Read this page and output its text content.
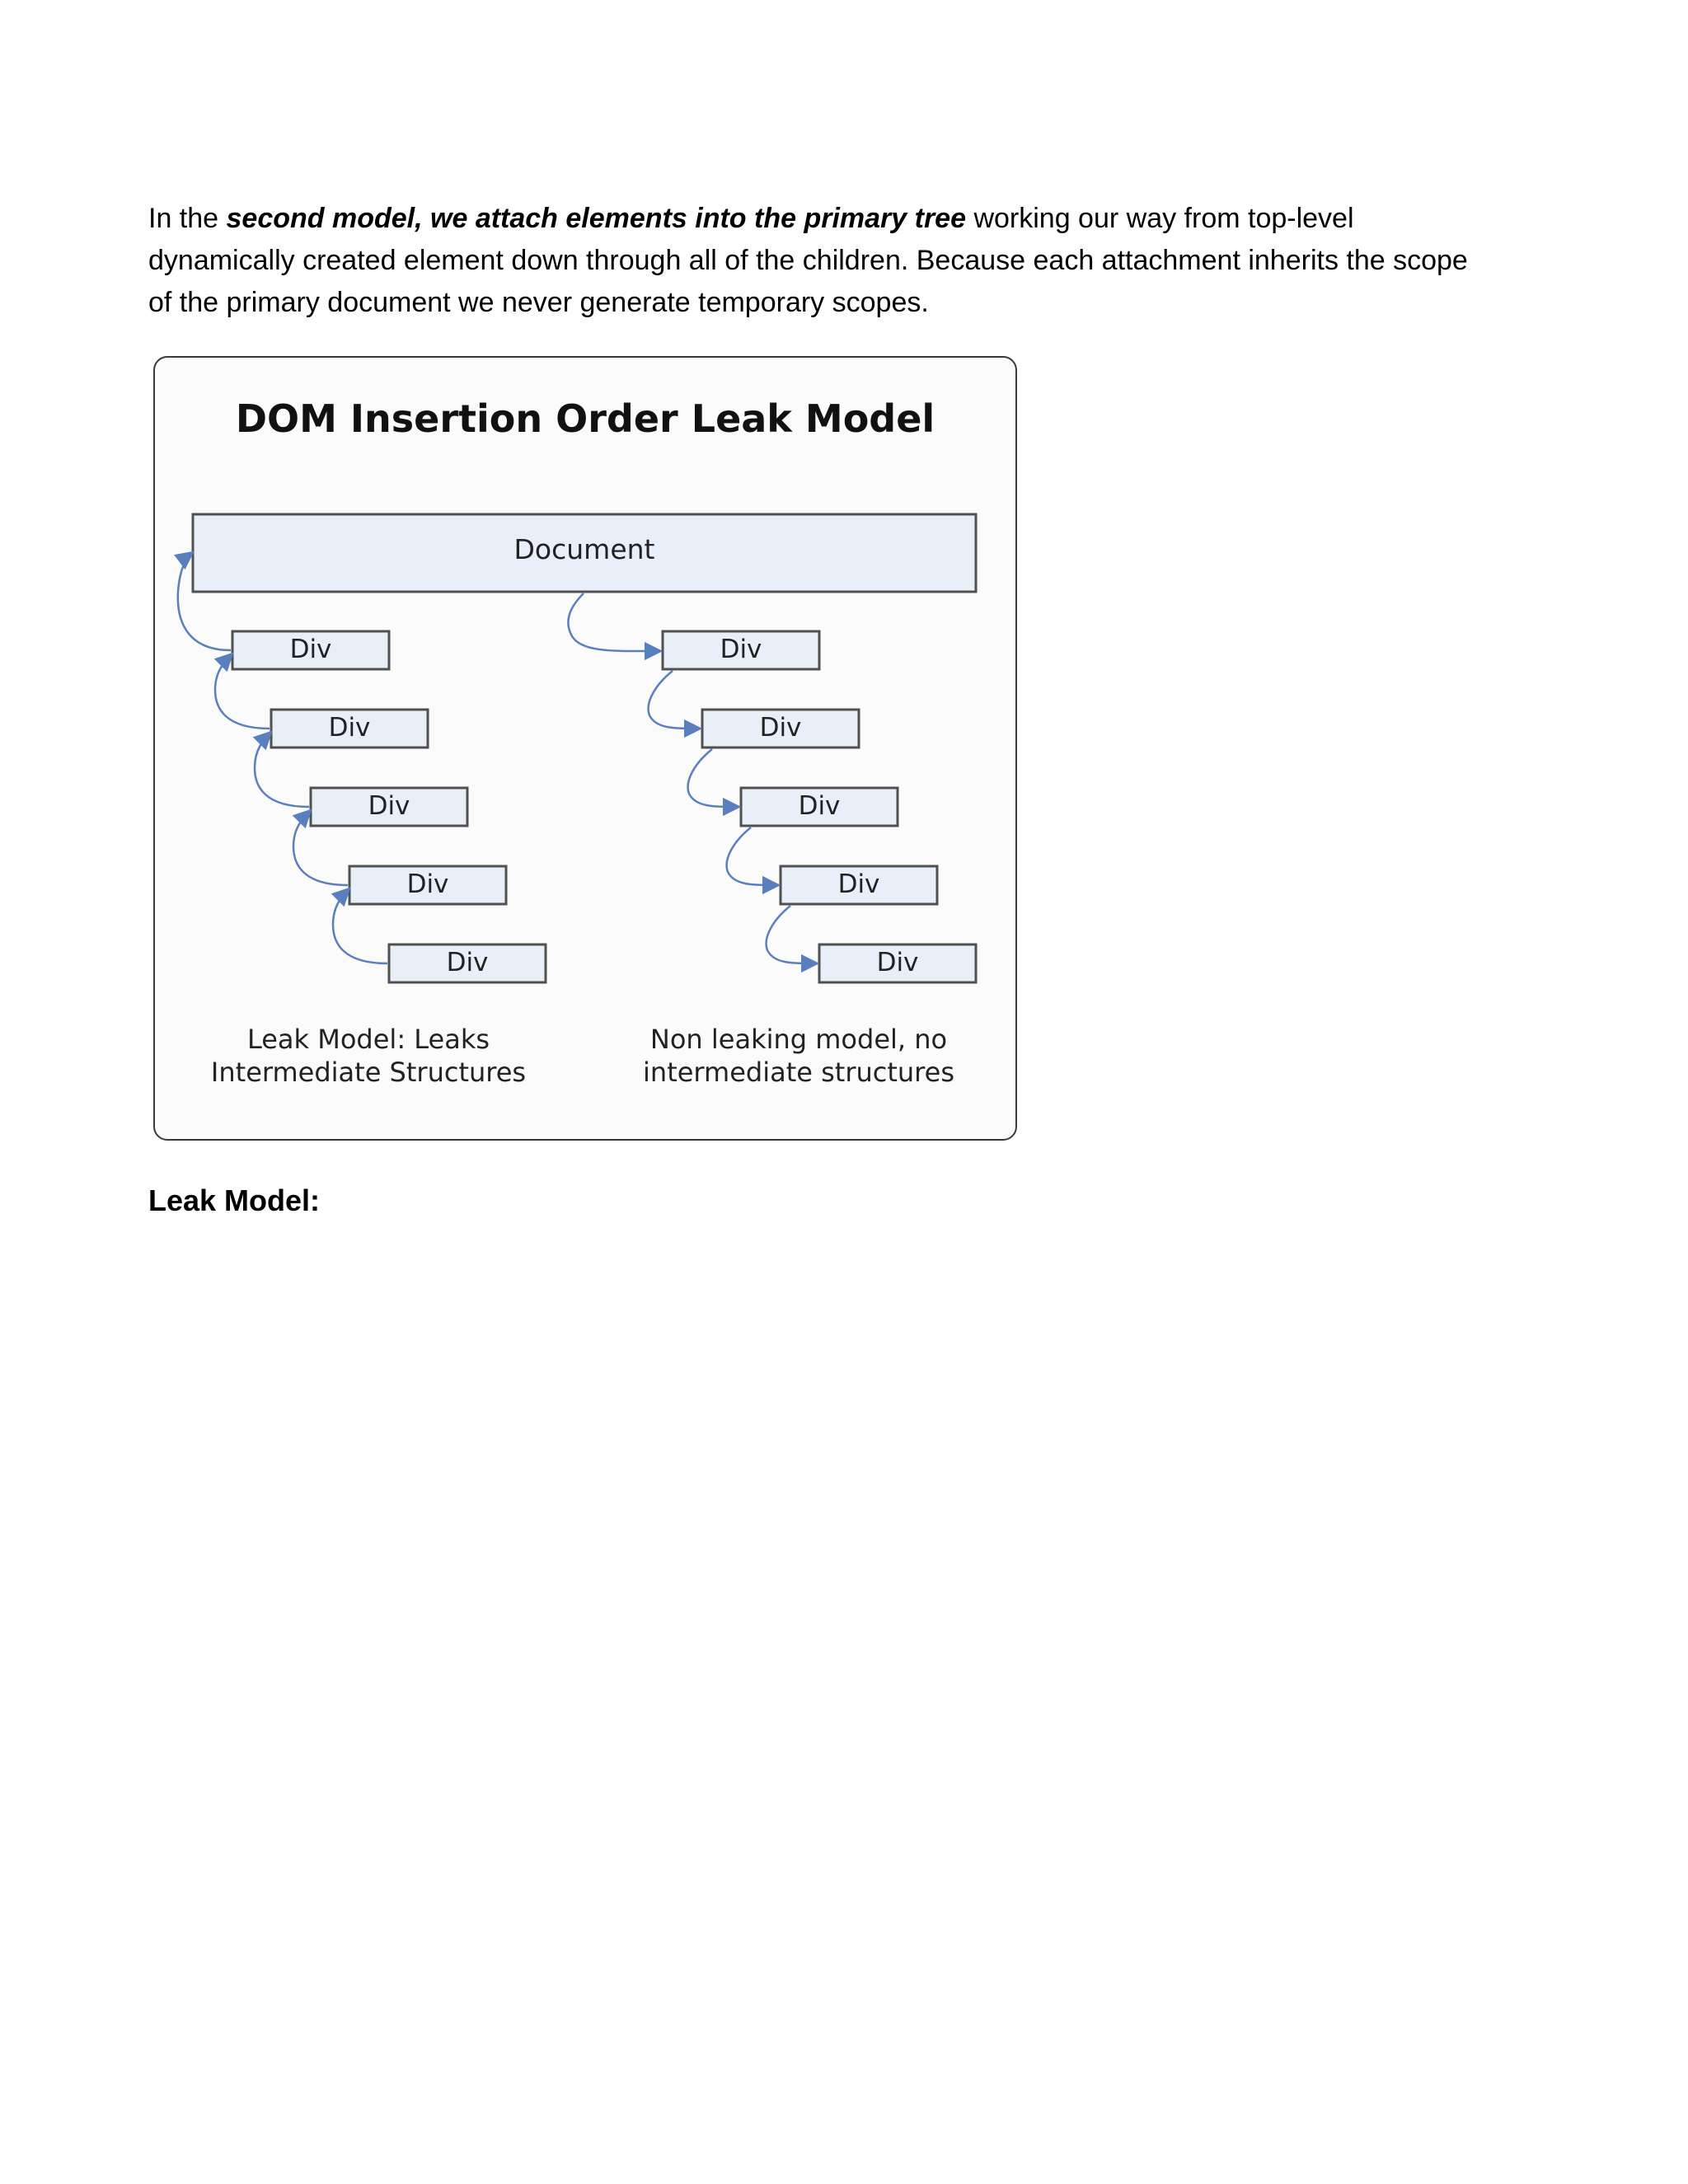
In the second model, we attach elements into the primary tree working our way from top-level dynamically created element down through all of the children. Because each attachment inherits the scope of the primary document we never generate temporary scopes.

DOM Insertion Order Leak Model
Document
Div
Div
Div
Div
Div
Div
Div
Div
Div
Div
Leak Model: Leaks
Intermediate Structures
Non leaking model, no
intermediate structures
Leak Model:
